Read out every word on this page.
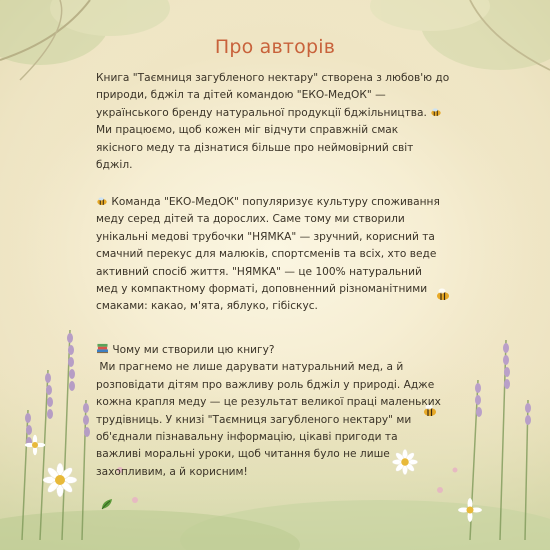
Про авторів
Книга "Таємниця загубленого нектару" створена з любов'ю до
природи, бджіл та дітей командою "ЕКО-МедОК" —
українського бренду натуральної продукції бджільництва.
Ми працюємо, щоб кожен міг відчути справжній смак
якісного меду та дізнатися більше про неймовірний світ
бджіл.
Команда "ЕКО-МедОК" популяризує культуру споживання
меду серед дітей та дорослих. Саме тому ми створили
унікальні медові трубочки "НЯМКА" — зручний, корисний та
смачний перекус для малюків, спортсменів та всіх, хто веде
активний спосіб життя. "НЯМКА" — це 100% натуральний
мед у компактному форматі, доповненний різноманітними
смаками: какао, м'ята, яблуко, гібіскус.
Чому ми створили цю книгу?
Ми прагнемо не лише дарувати натуральний мед, а й
розповідати дітям про важливу роль бджіл у природі. Адже
кожна крапля меду — це результат великої праці маленьких
трудівниць. У книзі "Таємниця загубленого нектару" ми
об'єднали пізнавальну інформацію, цікаві пригоди та
важливі моральні уроки, щоб читання було не лише
захопливим, а й корисним!
